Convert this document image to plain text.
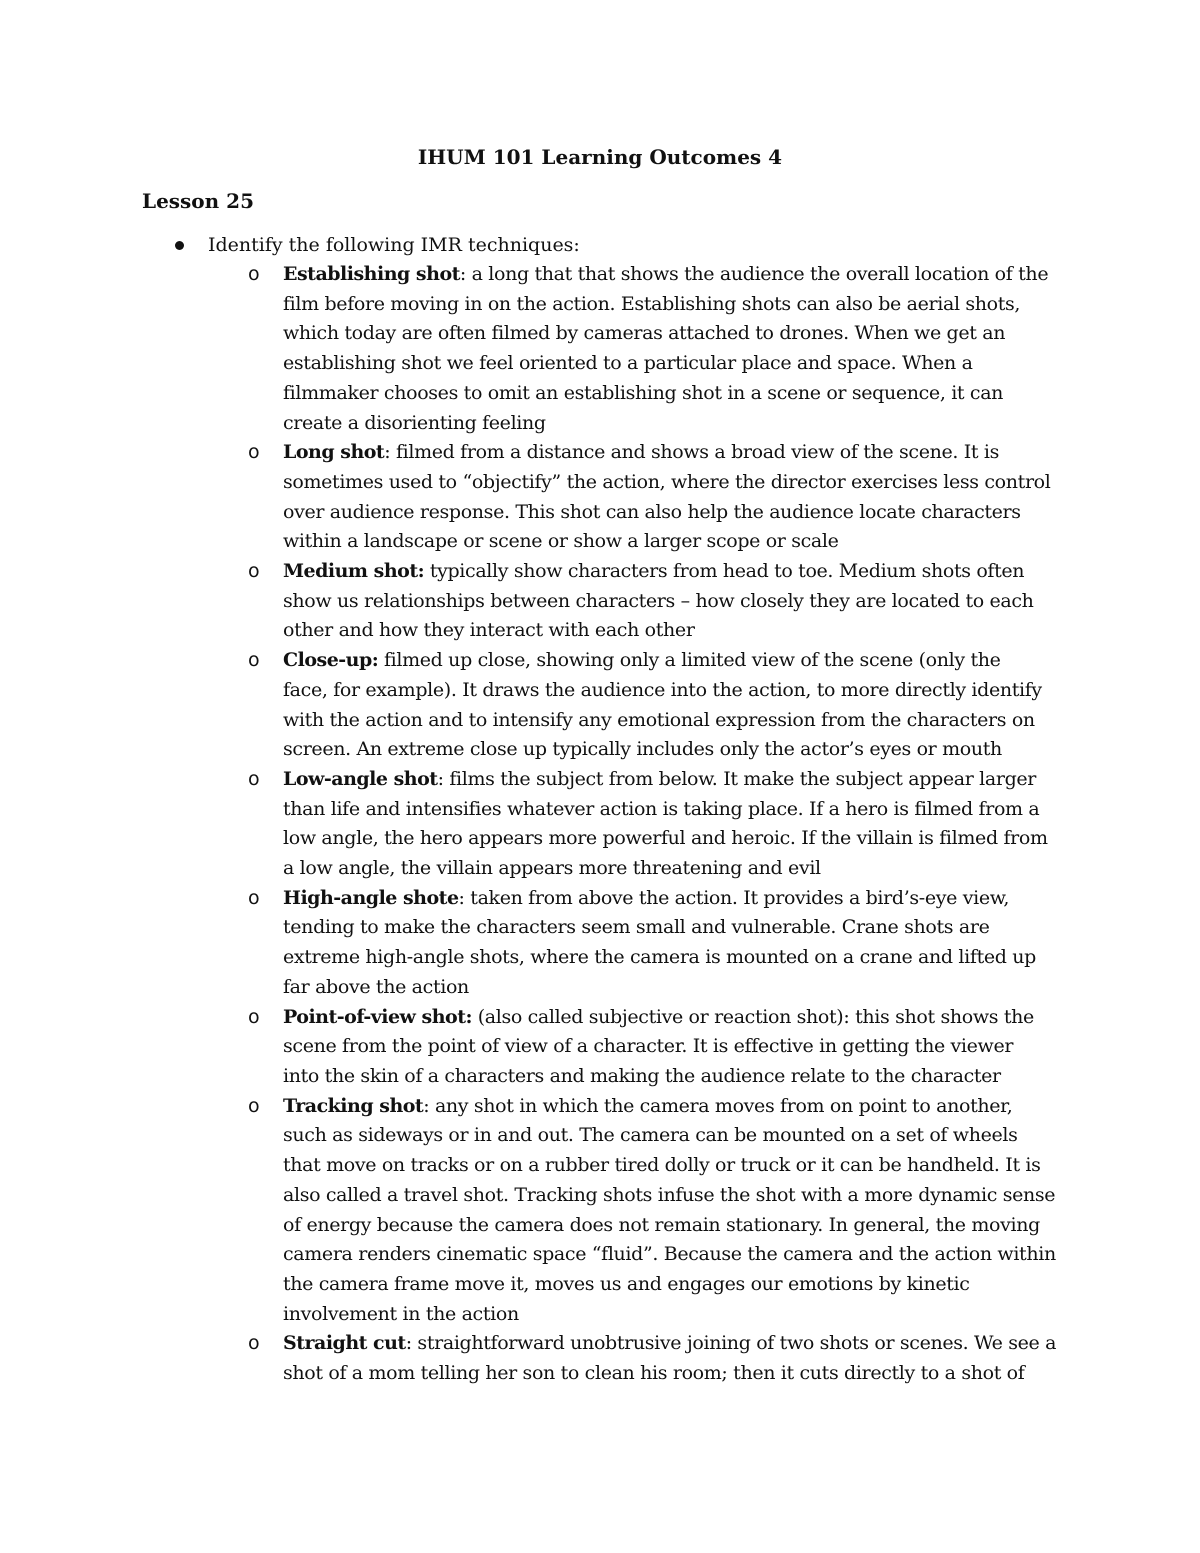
IHUM 101 Learning Outcomes 4
Lesson 25
Identify the following IMR techniques:
o Establishing shot: a long that that shows the audience the overall location of the
film before moving in on the action. Establishing shots can also be aerial shots,
which today are often filmed by cameras attached to drones. When we get an
establishing shot we feel oriented to a particular place and space. When a
filmmaker chooses to omit an establishing shot in a scene or sequence, it can
create a disorienting feeling
o Long shot: filmed from a distance and shows a broad view of the scene. It is
sometimes used to “objectify” the action, where the director exercises less control
over audience response. This shot can also help the audience locate characters
within a landscape or scene or show a larger scope or scale
o Medium shot: typically show characters from head to toe. Medium shots often
show us relationships between characters – how closely they are located to each
other and how they interact with each other
o Close-up: filmed up close, showing only a limited view of the scene (only the
face, for example). It draws the audience into the action, to more directly identify
with the action and to intensify any emotional expression from the characters on
screen. An extreme close up typically includes only the actor’s eyes or mouth
o Low-angle shot: films the subject from below. It make the subject appear larger
than life and intensifies whatever action is taking place. If a hero is filmed from a
low angle, the hero appears more powerful and heroic. If the villain is filmed from
a low angle, the villain appears more threatening and evil
o High-angle shote: taken from above the action. It provides a bird’s-eye view,
tending to make the characters seem small and vulnerable. Crane shots are
extreme high-angle shots, where the camera is mounted on a crane and lifted up
far above the action
o Point-of-view shot: (also called subjective or reaction shot): this shot shows the
scene from the point of view of a character. It is effective in getting the viewer
into the skin of a characters and making the audience relate to the character
o Tracking shot: any shot in which the camera moves from on point to another,
such as sideways or in and out. The camera can be mounted on a set of wheels
that move on tracks or on a rubber tired dolly or truck or it can be handheld. It is
also called a travel shot. Tracking shots infuse the shot with a more dynamic sense
of energy because the camera does not remain stationary. In general, the moving
camera renders cinematic space “fluid”. Because the camera and the action within
the camera frame move it, moves us and engages our emotions by kinetic
involvement in the action
o Straight cut: straightforward unobtrusive joining of two shots or scenes. We see a
shot of a mom telling her son to clean his room; then it cuts directly to a shot of
